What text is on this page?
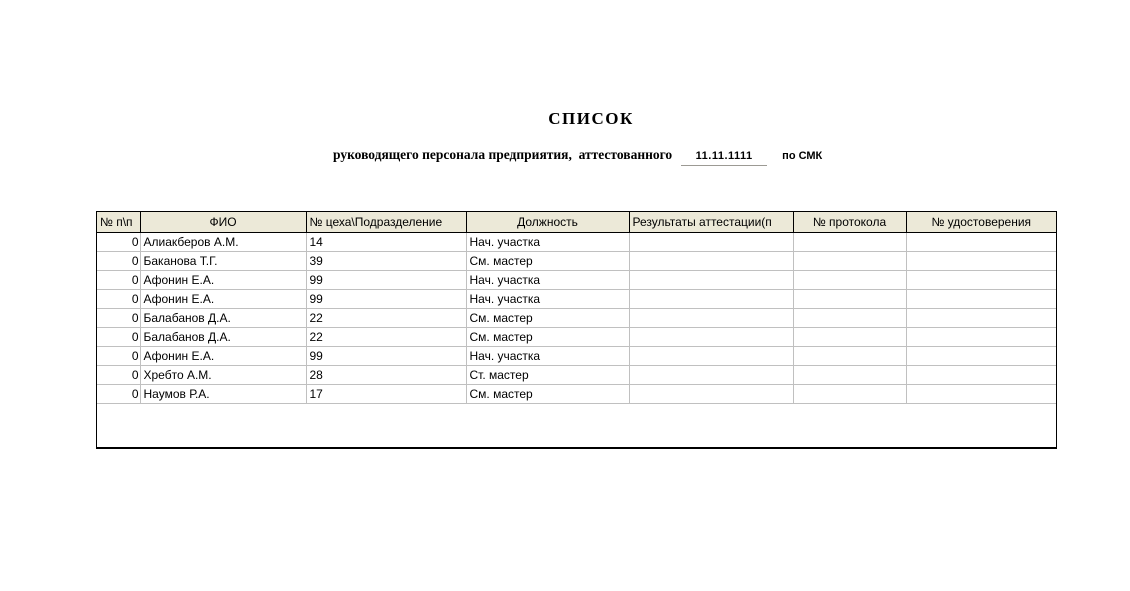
СПИСОК
руководящего персонала предприятия,  аттестованного	11.11.1111	по СМК
№ п\п	ФИО	№ цеха\Подразделение	Должность	Результаты аттестации(п	№ протокола	№ удостоверения
0	Алиакберов А.М.	14	Нач. участка			
0	Баканова Т.Г.	39	См. мастер			
0	Афонин Е.А.	99	Нач. участка			
0	Афонин Е.А.	99	Нач. участка			
0	Балабанов Д.А.	22	См. мастер			
0	Балабанов Д.А.	22	См. мастер			
0	Афонин Е.А.	99	Нач. участка			
0	Хребто А.М.	28	Ст. мастер			
0	Наумов Р.А.	17	См. мастер			
